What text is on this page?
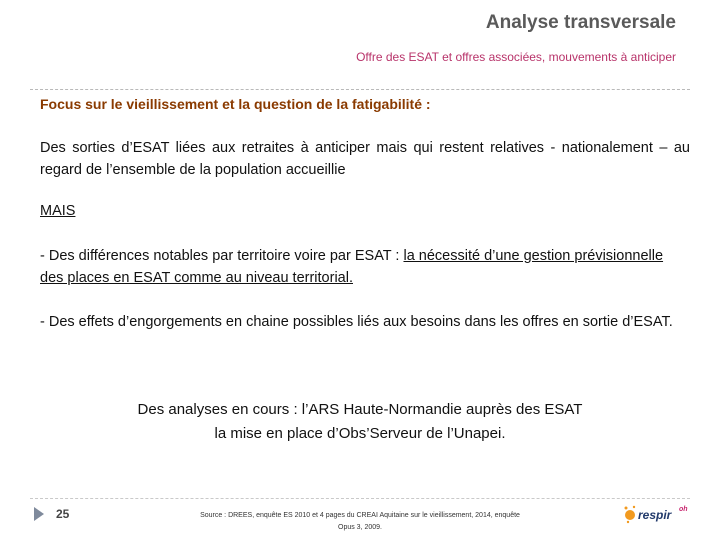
Analyse transversale
Offre des ESAT et offres associées, mouvements à anticiper
Focus sur le vieillissement et la question de la fatigabilité :
Des sorties d’ESAT liées aux retraites à anticiper mais qui restent relatives - nationalement – au regard de l’ensemble de la population accueillie
MAIS
- Des différences notables par territoire voire par ESAT : la nécessité d’une gestion prévisionnelle des places en ESAT comme au niveau territorial.
- Des effets d’engorgements en chaine possibles liés aux besoins dans les offres en sortie d’ESAT.
Des analyses en cours : l’ARS Haute-Normandie auprès des ESAT
la mise en place d’Obs’Serveur de l’Unapei.
25	Source : DREES, enquête ES 2010 et 4 pages du CREAI Aquitaine sur le vieillissement, 2014, enquête
Opus 3, 2009.
respir oh
